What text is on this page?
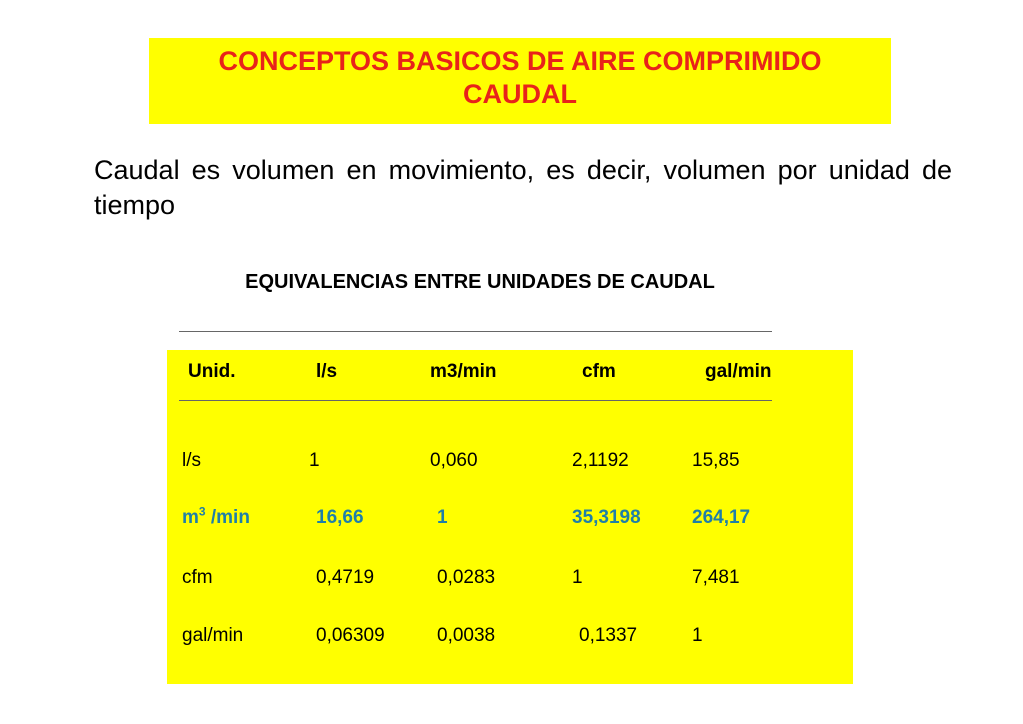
CONCEPTOS BASICOS DE AIRE COMPRIMIDO
CAUDAL
Caudal es volumen en movimiento, es decir, volumen por unidad de tiempo
EQUIVALENCIAS ENTRE UNIDADES DE CAUDAL
Unid.	l/s	m3/min	cfm	gal/min
l/s	1	0,060	2,1192	15,85
$m^3$ /min	16,66	1	35,3198	264,17
cfm	0,4719	0,0283	1	7,481
gal/min	0,06309	0,0038	0,1337	1
